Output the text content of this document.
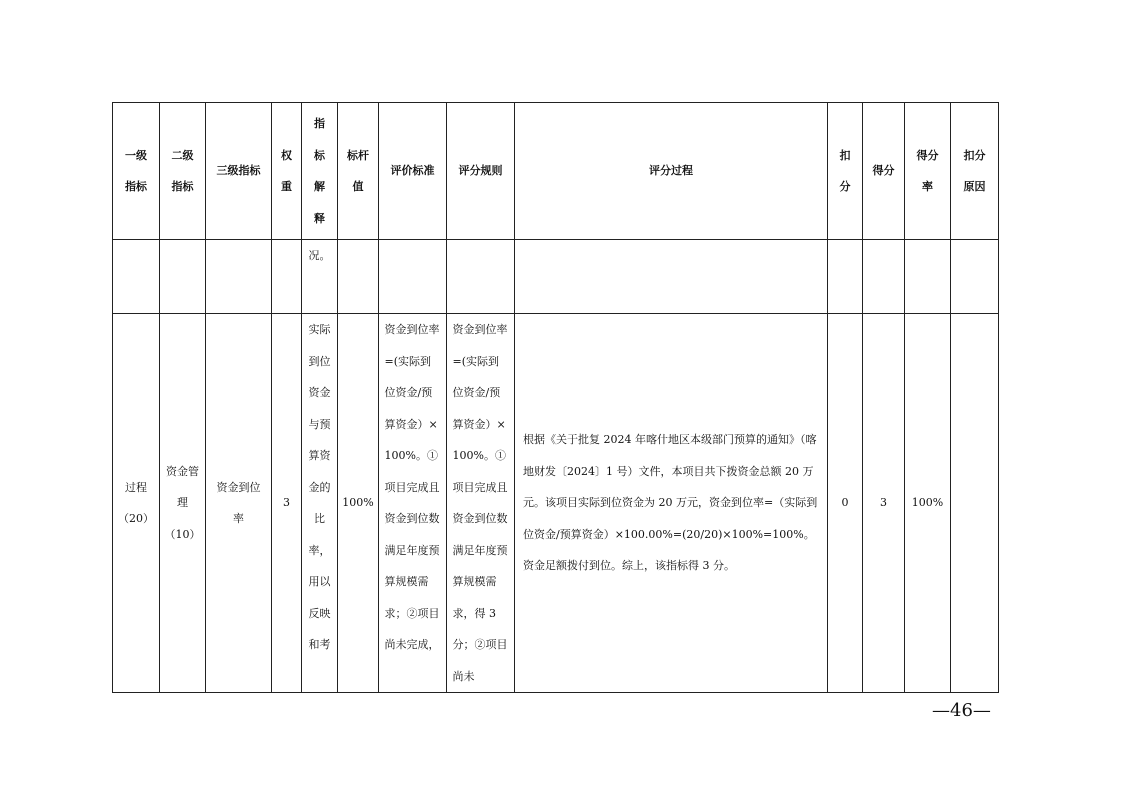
一级指标	二级指标	三级指标	权重	指标解释	标杆值	评价标准	评分规则	评分过程	扣分	得分	得分率	扣分原因

				况。								

过程（20）	资金管理（10）	资金到位率	3	实际到位资金与预算资金的比率，用以反映和考	100%	资金到位率=(实际到位资金/预算资金）×100%。①项目完成且资金到位数满足年度预算规模需求；②项目尚未完成，	资金到位率=(实际到位资金/预算资金）×100%。①项目完成且资金到位数满足年度预算规模需求，得 3 分；②项目尚未	根据《关于批复 2024 年喀什地区本级部门预算的通知》（喀地财发〔2024〕1 号）文件，本项目共下拨资金总额 20 万元。该项目实际到位资金为 20 万元，资金到位率=（实际到位资金/预算资金）×100.00%=(20/20)×100%=100%。资金足额拨付到位。综上，该指标得 3 分。	0	3	100%	

—46—
